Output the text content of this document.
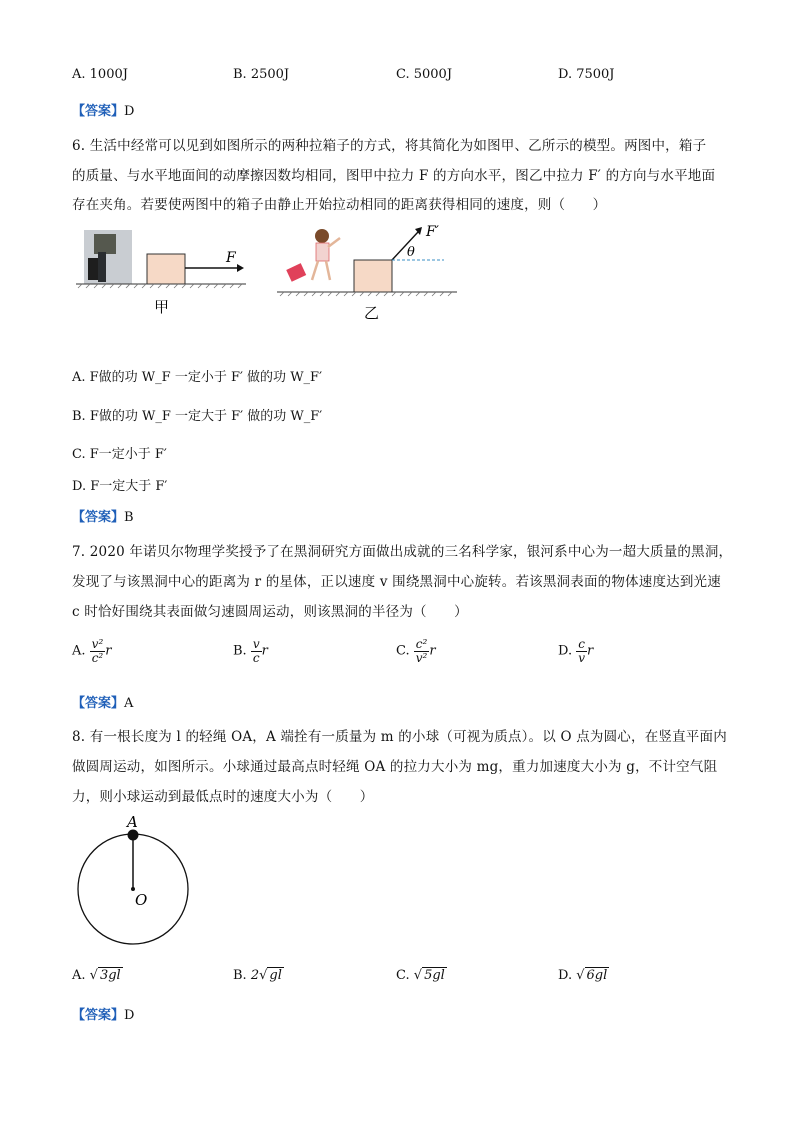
A. 1000J	B. 2500J	C. 5000J	D. 7500J
【答案】D
6. 生活中经常可以见到如图所示的两种拉箱子的方式，将其简化为如图甲、乙所示的模型。两图中，箱子
的质量、与水平地面间的动摩擦因数均相同，图甲中拉力 F 的方向水平，图乙中拉力 F′ 的方向与水平地面
存在夹角。若要使两图中的箱子由静止开始拉动相同的距离获得相同的速度，则（　　）
F
甲
F′
θ
乙
A. F做的功 W_F 一定小于 F′ 做的功 W_F′
B. F做的功 W_F 一定大于 F′ 做的功 W_F′
C. F一定小于 F′
D. F一定大于 F′
【答案】B
7. 2020 年诺贝尔物理学奖授予了在黑洞研究方面做出成就的三名科学家，银河系中心为一超大质量的黑洞，
发现了与该黑洞中心的距离为 r 的星体，正以速度 v 围绕黑洞中心旋转。若该黑洞表面的物体速度达到光速
c 时恰好围绕其表面做匀速圆周运动，则该黑洞的半径为（　　）
A. $\frac{\text{v²}}{\text{c²}}$ r	B. $\frac{v}{c}$ r	C. $\frac{\text{c²}}{\text{v²}}$ r	D. $\frac{c}{v}$ r
【答案】A
8. 有一根长度为 l 的轻绳 OA，A 端拴有一质量为 m 的小球（可视为质点）。以 O 点为圆心，在竖直平面内
做圆周运动，如图所示。小球通过最高点时轻绳 OA 的拉力大小为 mg，重力加速度大小为 g，不计空气阻
力，则小球运动到最低点时的速度大小为（　　）
A
O
A. √ 3gl	B. 2√ gl	C. √ 5gl	D. √ 6gl
【答案】D
